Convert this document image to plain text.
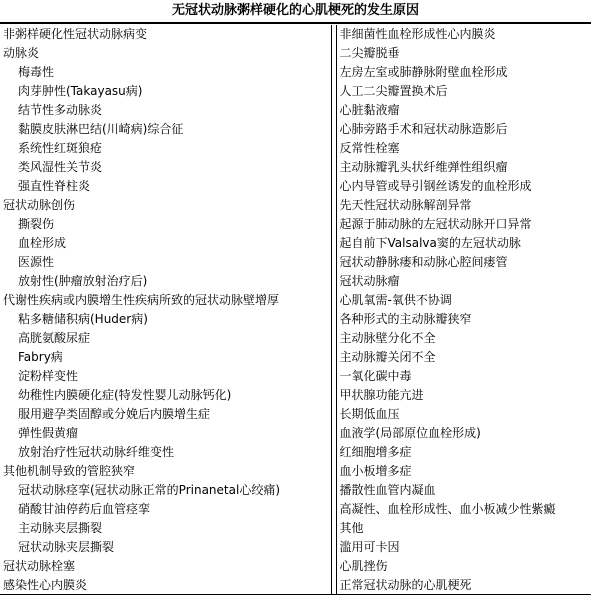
无冠状动脉粥样硬化的心肌梗死的发生原因
非粥样硬化性冠状动脉病变		非细菌性血栓形成性心内膜炎
动脉炎		二尖瓣脱垂
梅毒性		左房左室或肺静脉附壁血栓形成
肉芽肿性(Takayasu病)		人工二尖瓣置换术后
结节性多动脉炎		心脏黏液瘤
黏膜皮肤淋巴结(川崎病)综合征		心肺旁路手术和冠状动脉造影后
系统性红斑狼疮		反常性栓塞
类风湿性关节炎		主动脉瓣乳头状纤维弹性组织瘤
强直性脊柱炎		心内导管或导引钢丝诱发的血栓形成
冠状动脉创伤		先天性冠状动脉解剖异常
撕裂伤		起源于肺动脉的左冠状动脉开口异常
血栓形成		起自前下Valsalva窦的左冠状动脉
医源性		冠状动静脉瘘和动脉心腔间瘘管
放射性(肿瘤放射治疗后)		冠状动脉瘤
代谢性疾病或内膜增生性疾病所致的冠状动脉壁增厚		心肌氧需-氧供不协调
粘多糖储积病(Huder病)		各种形式的主动脉瓣狭窄
高胱氨酸尿症		主动脉壁分化不全
Fabry病		主动脉瓣关闭不全
淀粉样变性		一氧化碳中毒
幼稚性内膜硬化症(特发性婴儿动脉钙化)		甲状腺功能亢进
服用避孕类固醇或分娩后内膜增生症		长期低血压
弹性假黄瘤		血液学(局部原位血栓形成)
放射治疗性冠状动脉纤维变性		红细胞增多症
其他机制导致的管腔狭窄		血小板增多症
冠状动脉痉挛(冠状动脉正常的Prinanetal心绞痛)		播散性血管内凝血
硝酸甘油停药后血管痉挛		高凝性、血栓形成性、血小板减少性紫癜
主动脉夹层撕裂		其他
冠状动脉夹层撕裂		滥用可卡因
冠状动脉栓塞		心肌挫伤
感染性心内膜炎		正常冠状动脉的心肌梗死
